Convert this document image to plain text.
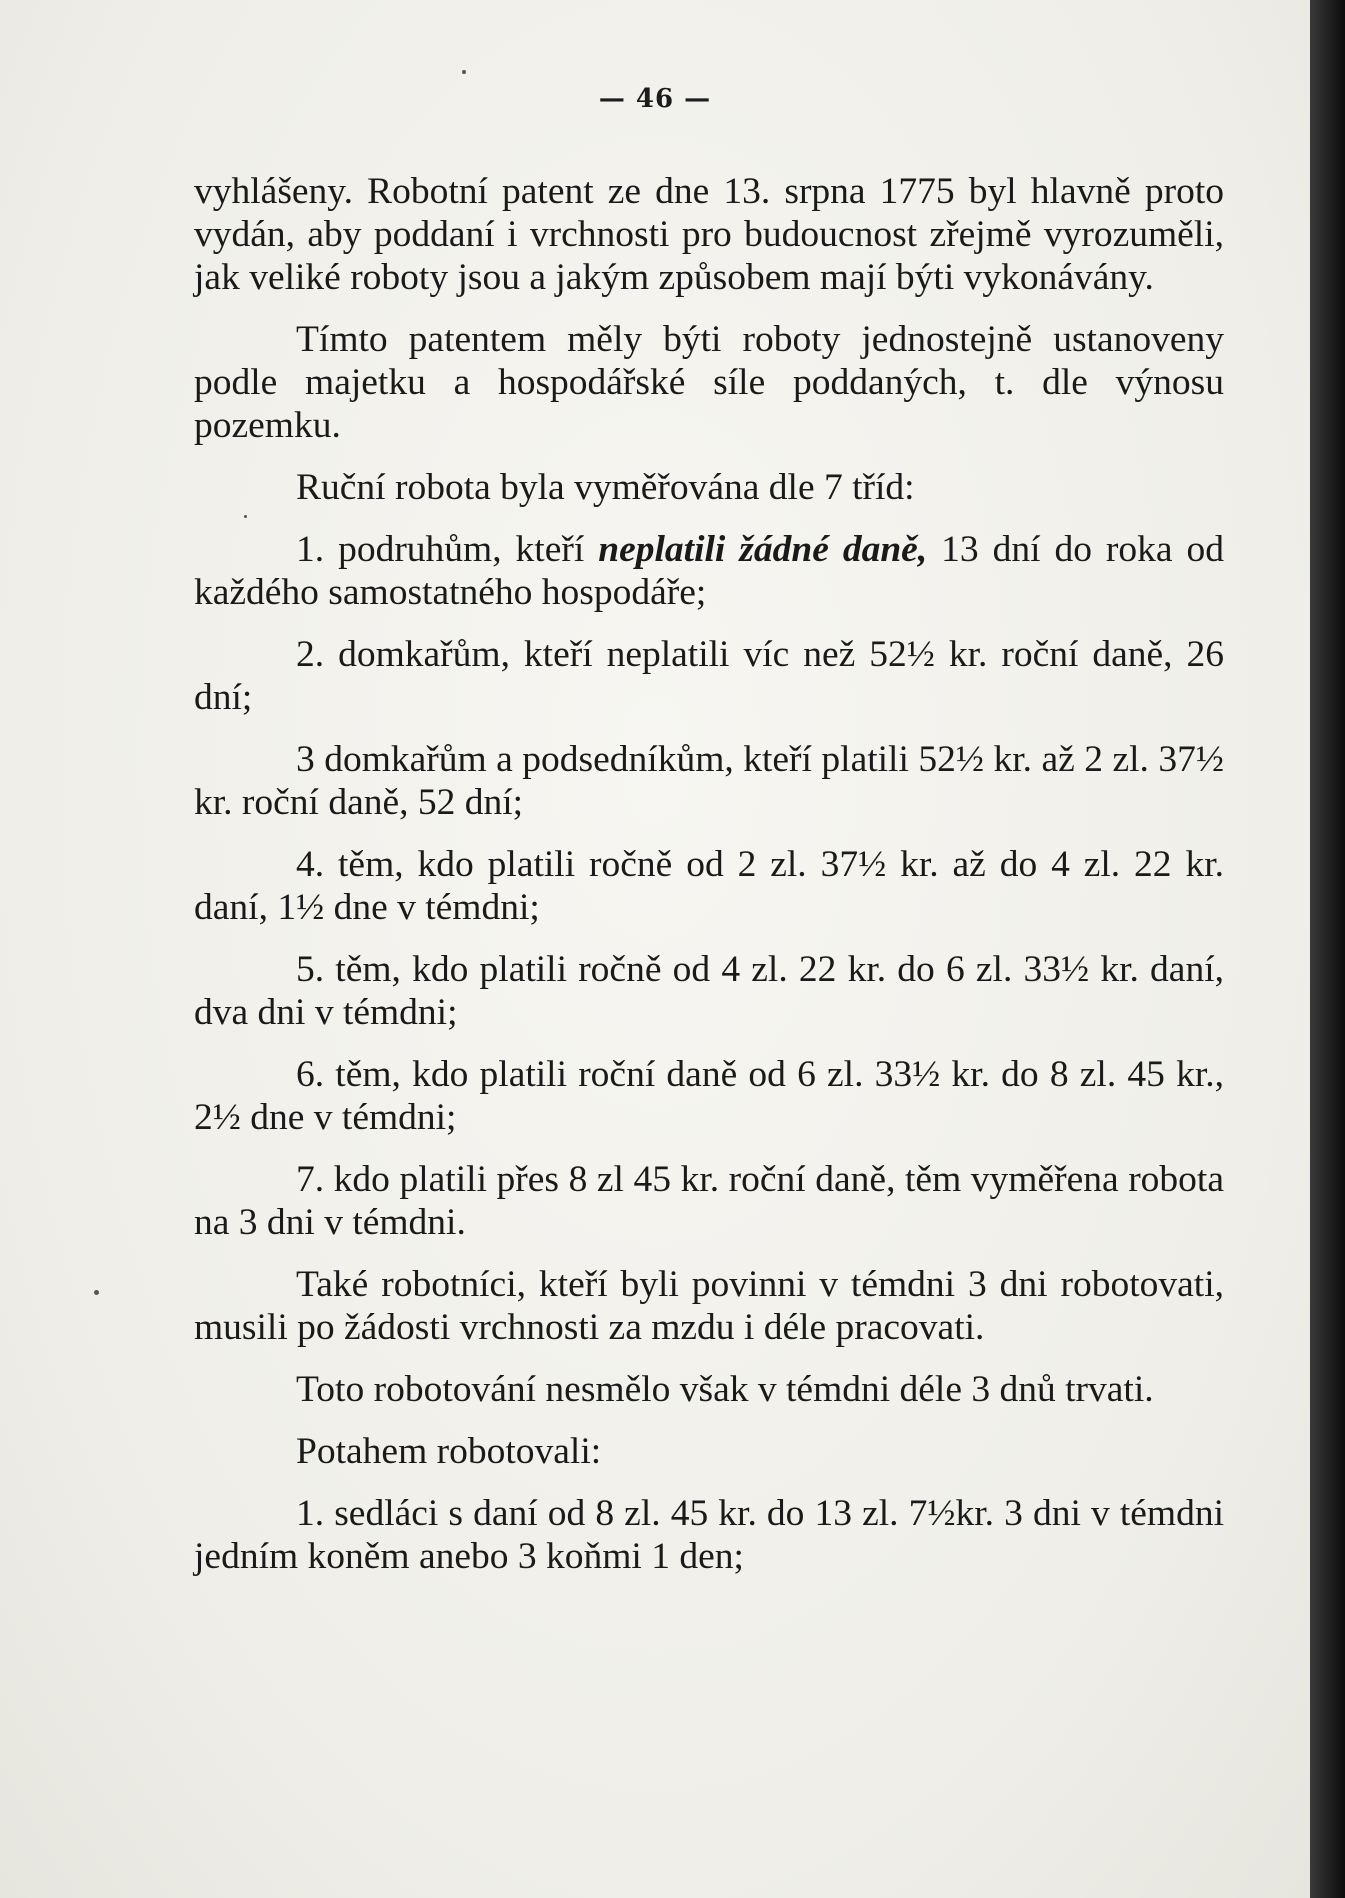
— 46 —

vyhlášeny. Robotní patent ze dne 13. srpna 1775 byl hlavně proto vydán, aby poddaní i vrchnosti pro budoucnost zřejmě vyrozuměli, jak veliké roboty jsou a jakým způsobem mají býti vykonávány.

Tímto patentem měly býti roboty jednostejně ustanoveny podle majetku a hospodářské síle poddaných, t. dle výnosu pozemku.

Ruční robota byla vyměřována dle 7 tříd:

1. podruhům, kteří neplatili žádné daně, 13 dní do roka od každého samostatného hospodáře;

2. domkařům, kteří neplatili víc než 52½ kr. roční daně, 26 dní;

3 domkařům a podsedníkům, kteří platili 52½ kr. až 2 zl. 37½ kr. roční daně, 52 dní;

4. těm, kdo platili ročně od 2 zl. 37½ kr. až do 4 zl. 22 kr. daní, 1½ dne v témdni;

5. těm, kdo platili ročně od 4 zl. 22 kr. do 6 zl. 33½ kr. daní, dva dni v témdni;

6. těm, kdo platili roční daně od 6 zl. 33½ kr. do 8 zl. 45 kr., 2½ dne v témdni;

7. kdo platili přes 8 zl 45 kr. roční daně, těm vyměřena robota na 3 dni v témdni.

Také robotníci, kteří byli povinni v témdni 3 dni robotovati, musili po žádosti vrchnosti za mzdu i déle pracovati.

Toto robotování nesmělo však v témdni déle 3 dnů trvati.

Potahem robotovali:

1. sedláci s daní od 8 zl. 45 kr. do 13 zl. 7½kr. 3 dni v témdni jedním koněm anebo 3 koňmi 1 den;
